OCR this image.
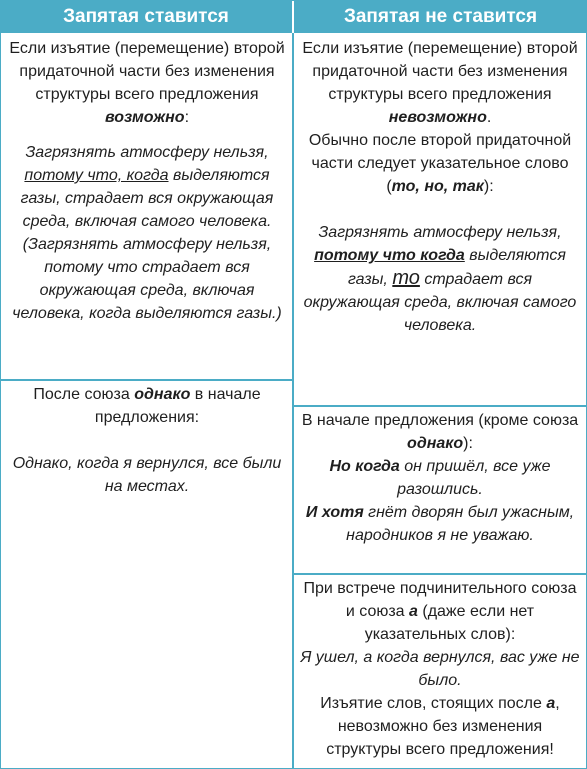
Запятая ставится	Запятая не ставится

Если изъятие (перемещение) второй придаточной части без изменения структуры всего предложения возможно:

Загрязнять атмосферу нельзя, потому что, когда выделяются газы, страдает вся окружающая среда, включая самого человека.

(Загрязнять атмосферу нельзя, потому что страдает вся окружающая среда, включая человека, когда выделяются газы.)

После союза однако в начале предложения:

Однако, когда я вернулся, все были на местах.

Если изъятие (перемещение) второй придаточной части без изменения структуры всего предложения невозможно.

Обычно после второй придаточной части следует указательное слово (то, но, так):

Загрязнять атмосферу нельзя, потому что когда выделяются газы, то страдает вся окружающая среда, включая самого человека.

В начале предложения (кроме союза однако):

Но когда он пришёл, все уже разошлись.

И хотя гнёт дворян был ужасным, народников я не уважаю.

При встрече подчинительного союза и союза а (даже если нет указательных слов):

Я ушел, а когда вернулся, вас уже не было.

Изъятие слов, стоящих после а, невозможно без изменения структуры всего предложения!
